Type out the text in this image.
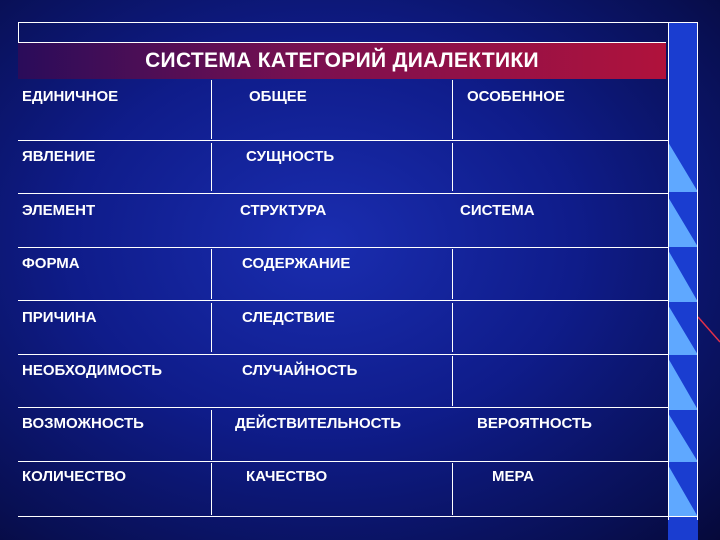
СИСТЕМА КАТЕГОРИЙ ДИАЛЕКТИКИ
ЕДИНИЧНОЕ	ОБЩЕЕ	ОСОБЕННОЕ
ЯВЛЕНИЕ	СУЩНОСТЬ
ЭЛЕМЕНТ	СТРУКТУРА	СИСТЕМА
ФОРМА	СОДЕРЖАНИЕ
ПРИЧИНА	СЛЕДСТВИЕ
НЕОБХОДИМОСТЬ	СЛУЧАЙНОСТЬ
ВОЗМОЖНОСТЬ	ДЕЙСТВИТЕЛЬНОСТЬ	ВЕРОЯТНОСТЬ
КОЛИЧЕСТВО	КАЧЕСТВО	МЕРА
